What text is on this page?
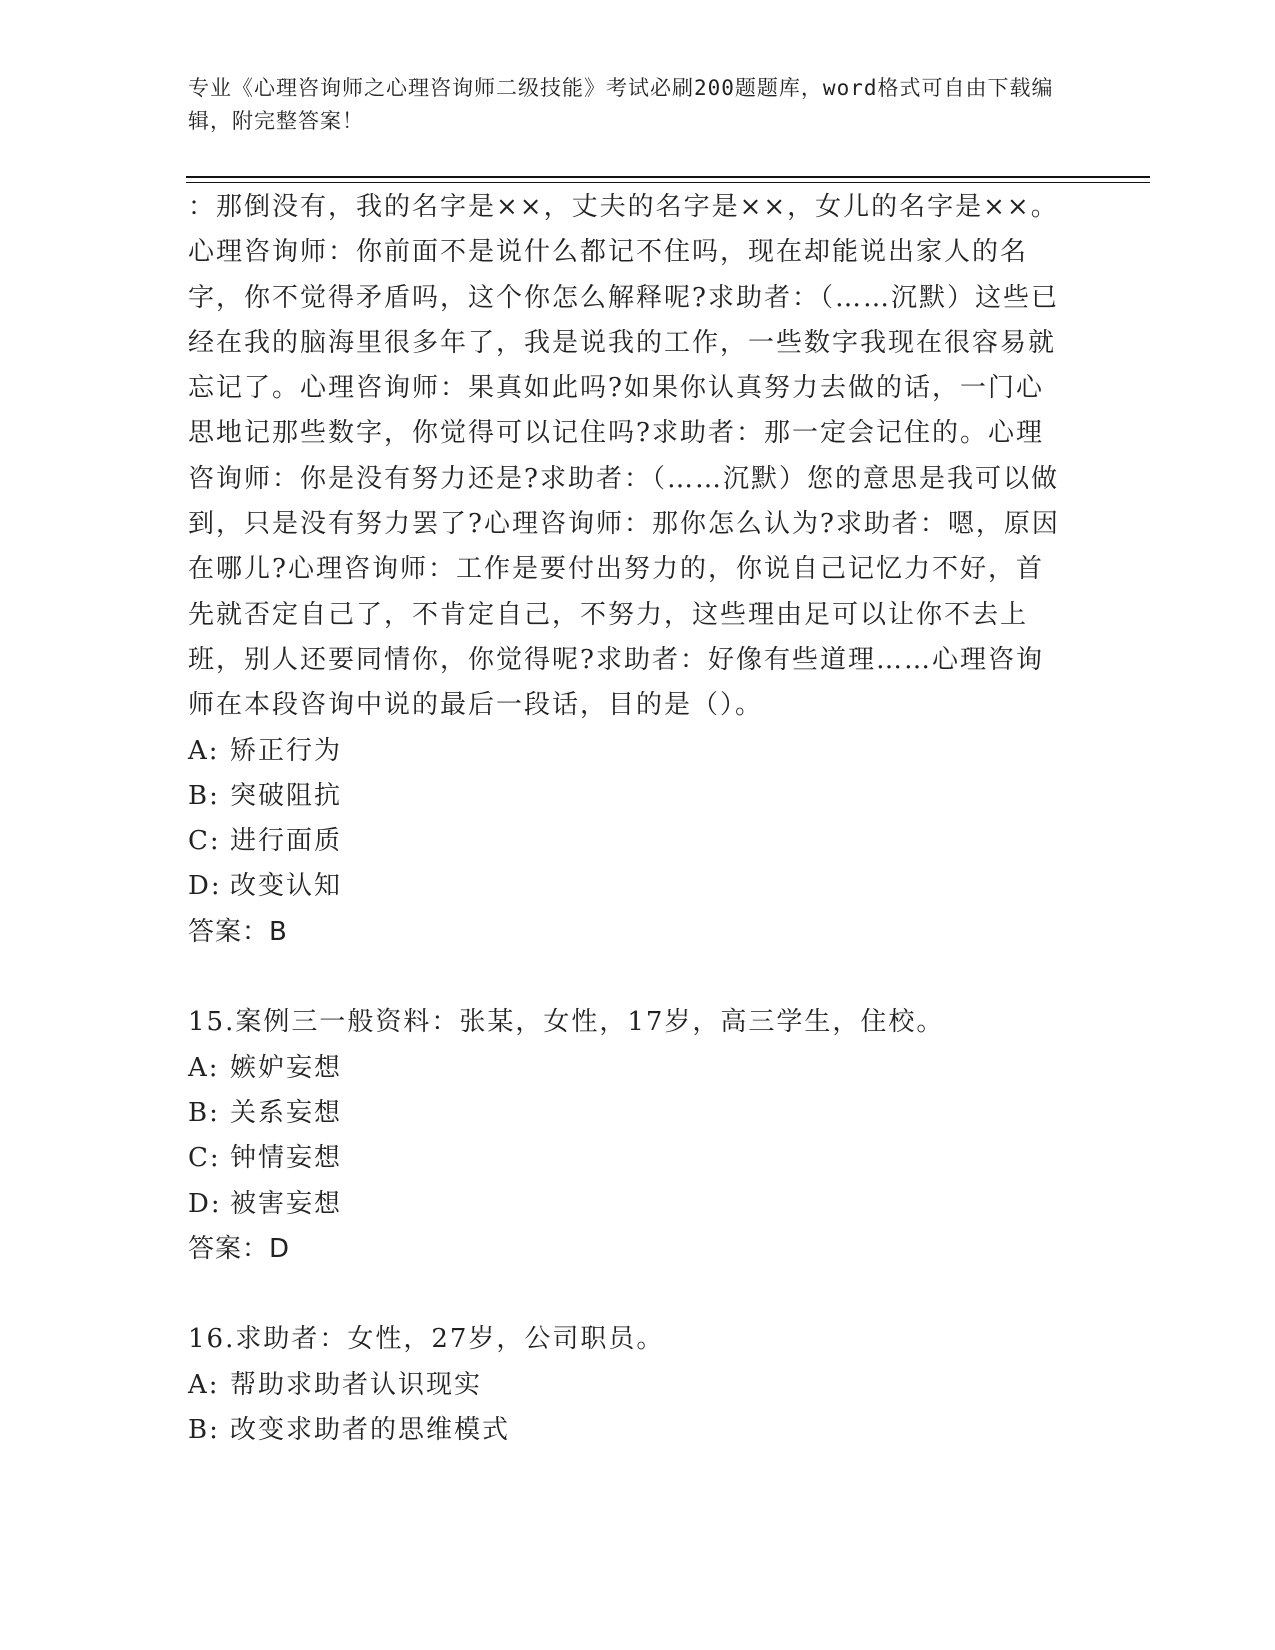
专业《心理咨询师之心理咨询师二级技能》考试必刷200题题库，word格式可自由下载编辑，附完整答案！

：那倒没有，我的名字是××，丈夫的名字是××，女儿的名字是××。心理咨询师：你前面不是说什么都记不住吗，现在却能说出家人的名字，你不觉得矛盾吗，这个你怎么解释呢?求助者：（……沉默）这些已经在我的脑海里很多年了，我是说我的工作，一些数字我现在很容易就忘记了。心理咨询师：果真如此吗?如果你认真努力去做的话，一门心思地记那些数字，你觉得可以记住吗?求助者：那一定会记住的。心理咨询师：你是没有努力还是?求助者：（……沉默）您的意思是我可以做到，只是没有努力罢了?心理咨询师：那你怎么认为?求助者：嗯，原因在哪儿?心理咨询师：工作是要付出努力的，你说自己记忆力不好，首先就否定自己了，不肯定自己，不努力，这些理由足可以让你不去上班，别人还要同情你，你觉得呢?求助者：好像有些道理……心理咨询师在本段咨询中说的最后一段话，目的是（）。

A: 矫正行为

B: 突破阻抗

C: 进行面质

D: 改变认知

答案：B

15.案例三一般资料：张某，女性，17岁，高三学生，住校。

A: 嫉妒妄想

B: 关系妄想

C: 钟情妄想

D: 被害妄想

答案：D

16.求助者：女性，27岁，公司职员。

A: 帮助求助者认识现实

B: 改变求助者的思维模式
